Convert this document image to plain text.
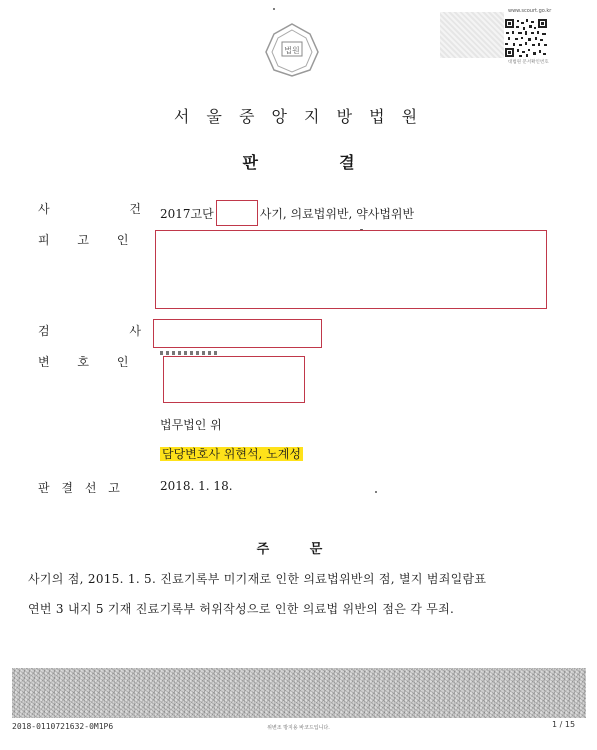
법원
www.scourt.go.kr
대법원 문서확인번호
서 울 중 앙 지 방 법 원
판	결
사 건
2017고단	사기, 의료법위반, 약사법위반
피 고 인
검 사
변 호 인
법무법인 위
담당변호사 위현석, 노계성
판 결 선 고	2018. 1. 18.
주 문
사기의 점, 2015. 1. 5. 진료기록부 미기재로 인한 의료법위반의 점, 별지 범죄일람표
연번 3 내지 5 기재 진료기록부 허위작성으로 인한 의료법 위반의 점은 각 무죄.
2018-0110721632-0M1P6	위변조 방지용 바코드입니다.	1 / 15
